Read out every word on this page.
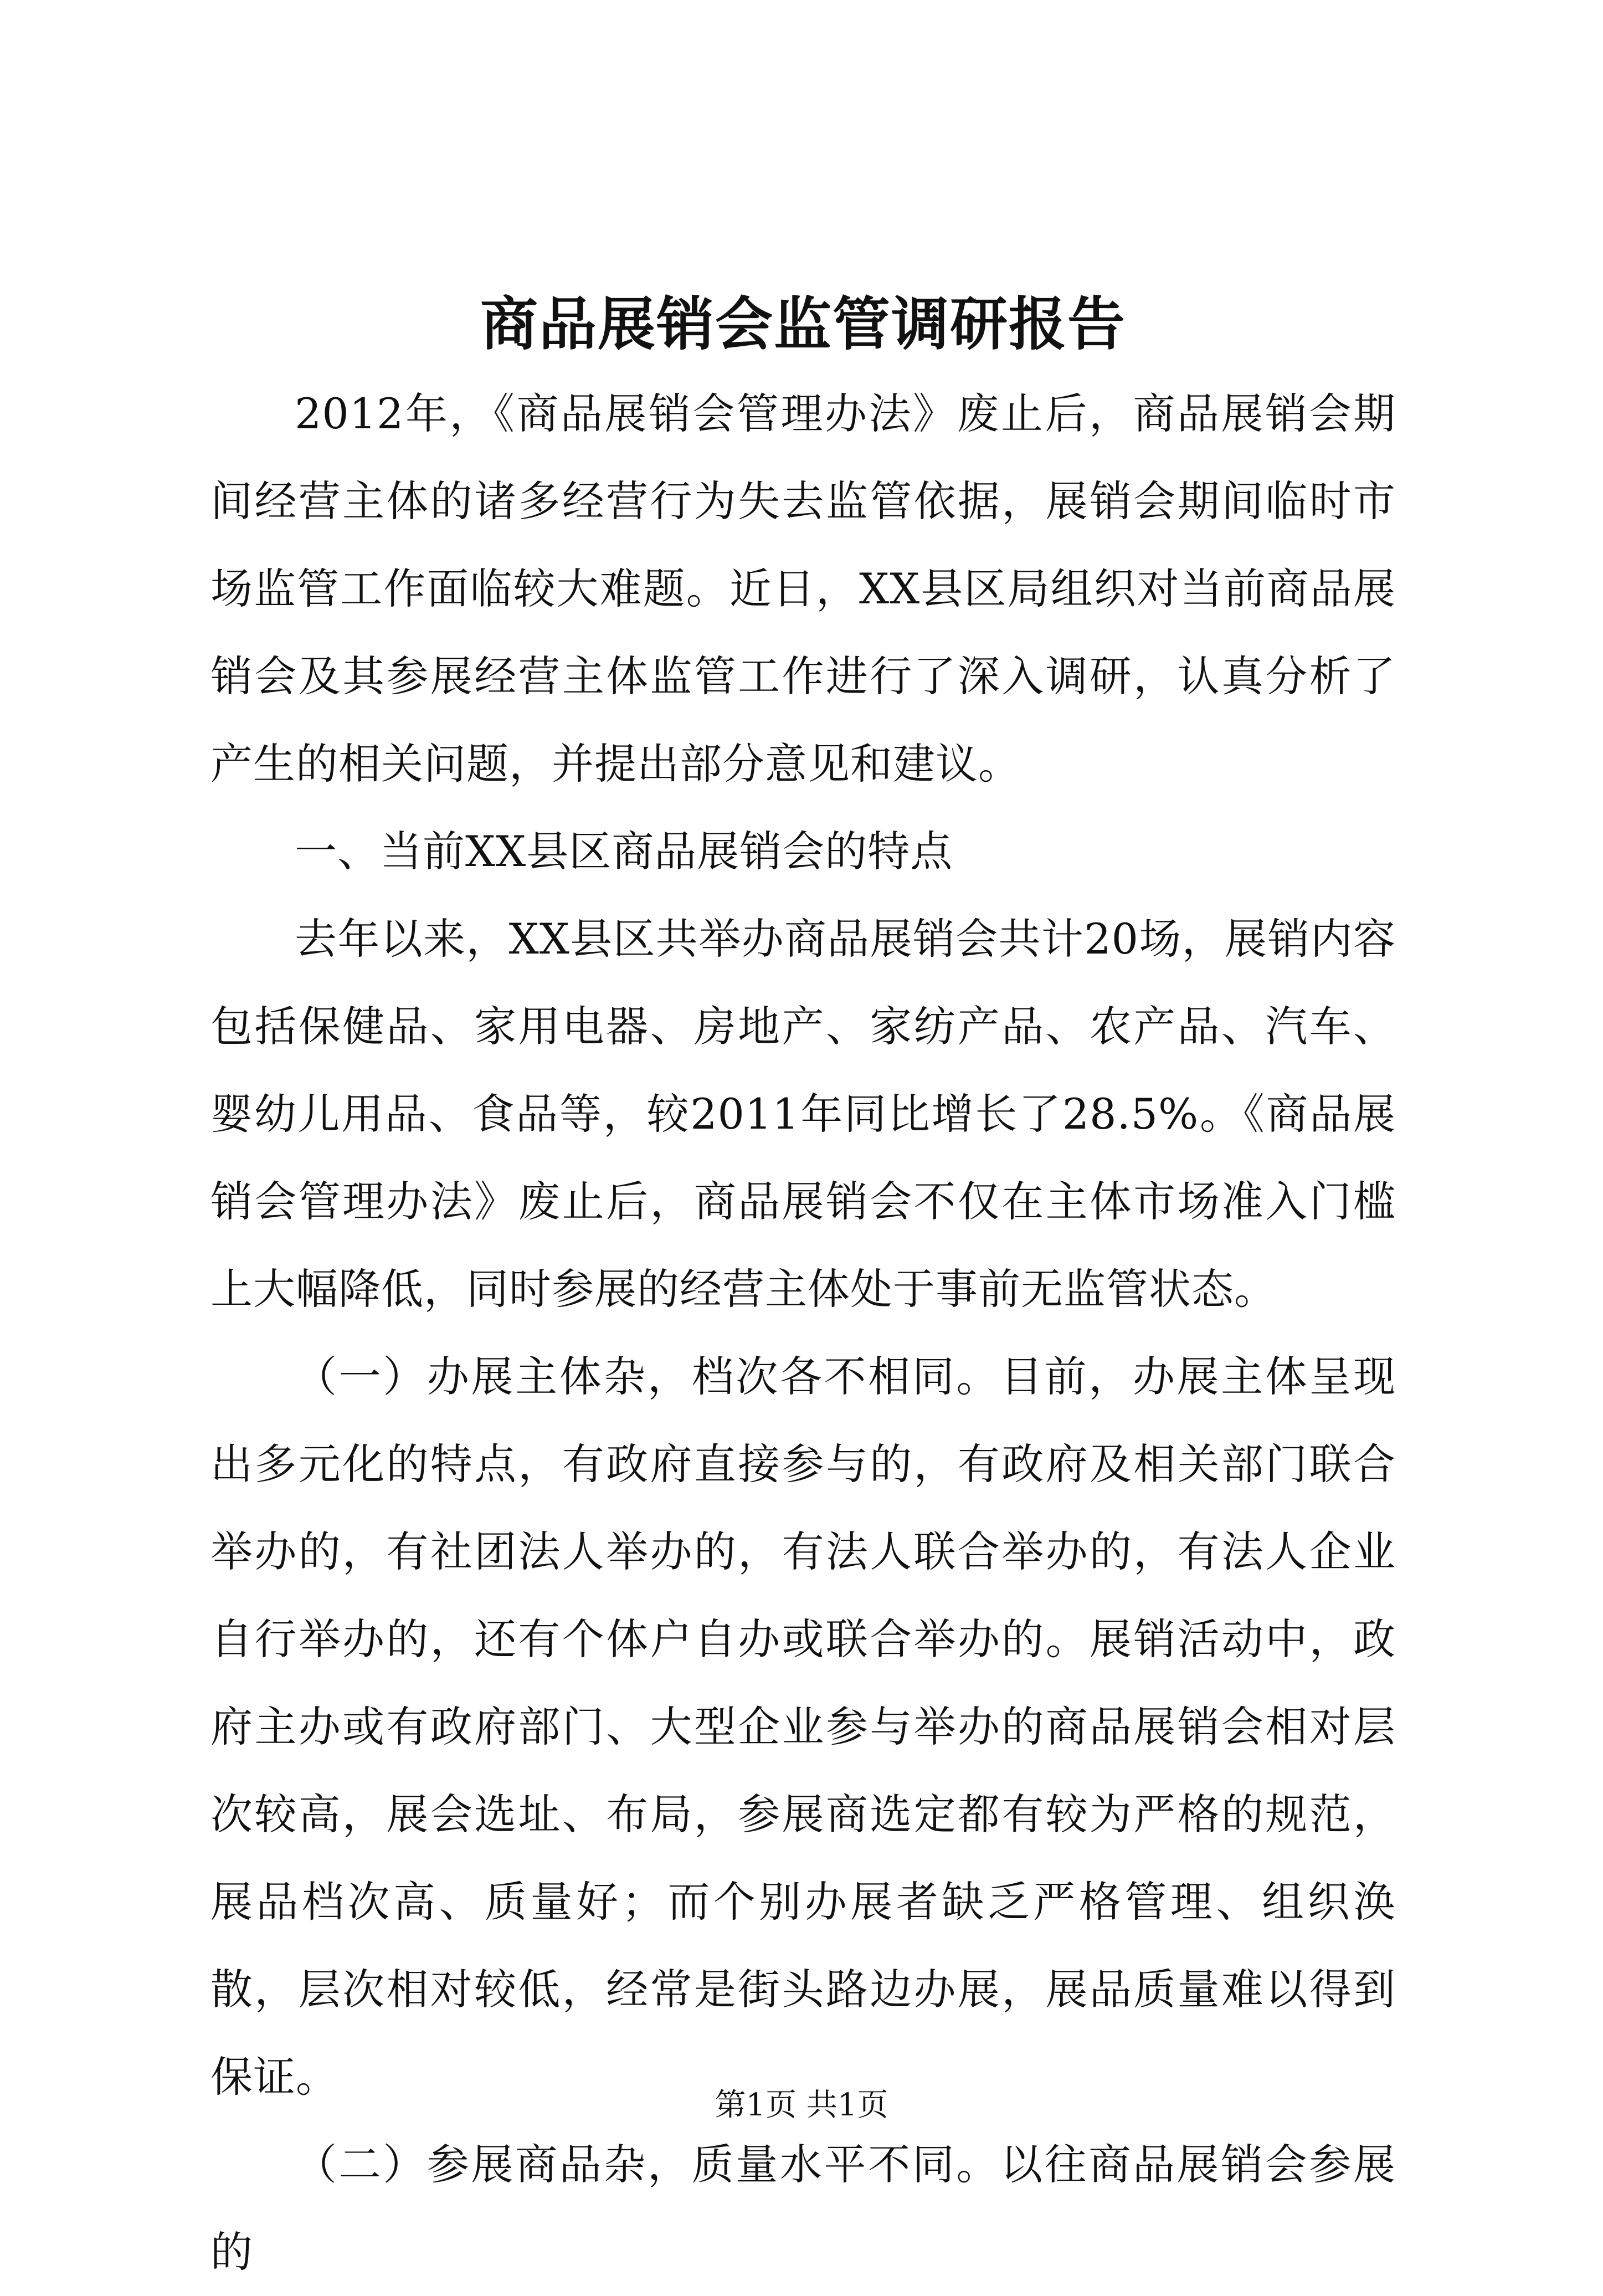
商品展销会监管调研报告

2012年，《商品展销会管理办法》废止后，商品展销会期间经营主体的诸多经营行为失去监管依据，展销会期间临时市场监管工作面临较大难题。近日，XX县区局组织对当前商品展销会及其参展经营主体监管工作进行了深入调研，认真分析了产生的相关问题，并提出部分意见和建议。

一、当前XX县区商品展销会的特点

去年以来，XX县区共举办商品展销会共计20场，展销内容包括保健品、家用电器、房地产、家纺产品、农产品、汽车、婴幼儿用品、食品等，较2011年同比增长了28.5%。《商品展销会管理办法》废止后，商品展销会不仅在主体市场准入门槛上大幅降低，同时参展的经营主体处于事前无监管状态。

（一）办展主体杂，档次各不相同。目前，办展主体呈现出多元化的特点，有政府直接参与的，有政府及相关部门联合举办的，有社团法人举办的，有法人联合举办的，有法人企业自行举办的，还有个体户自办或联合举办的。展销活动中，政府主办或有政府部门、大型企业参与举办的商品展销会相对层次较高，展会选址、布局，参展商选定都有较为严格的规范，展品档次高、质量好；而个别办展者缺乏严格管理、组织涣散，层次相对较低，经常是街头路边办展，展品质量难以得到保证。

（二）参展商品杂，质量水平不同。以往商品展销会参展的

第1页 共1页
